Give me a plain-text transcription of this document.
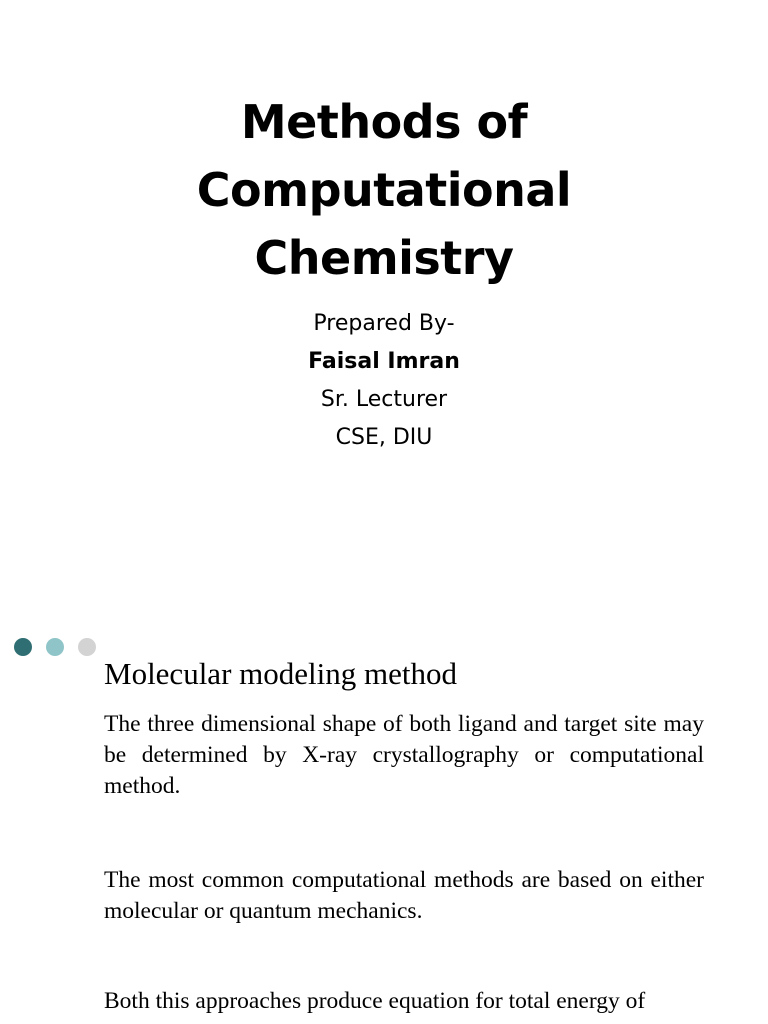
Methods of
Computational
Chemistry
Prepared By-
Faisal Imran
Sr. Lecturer
CSE, DIU
Molecular modeling method

The three dimensional shape of both ligand and target site may be determined by X-ray crystallography or computational method.

The most common computational methods are based on either molecular or quantum mechanics.

Both this approaches produce equation for total energy of
